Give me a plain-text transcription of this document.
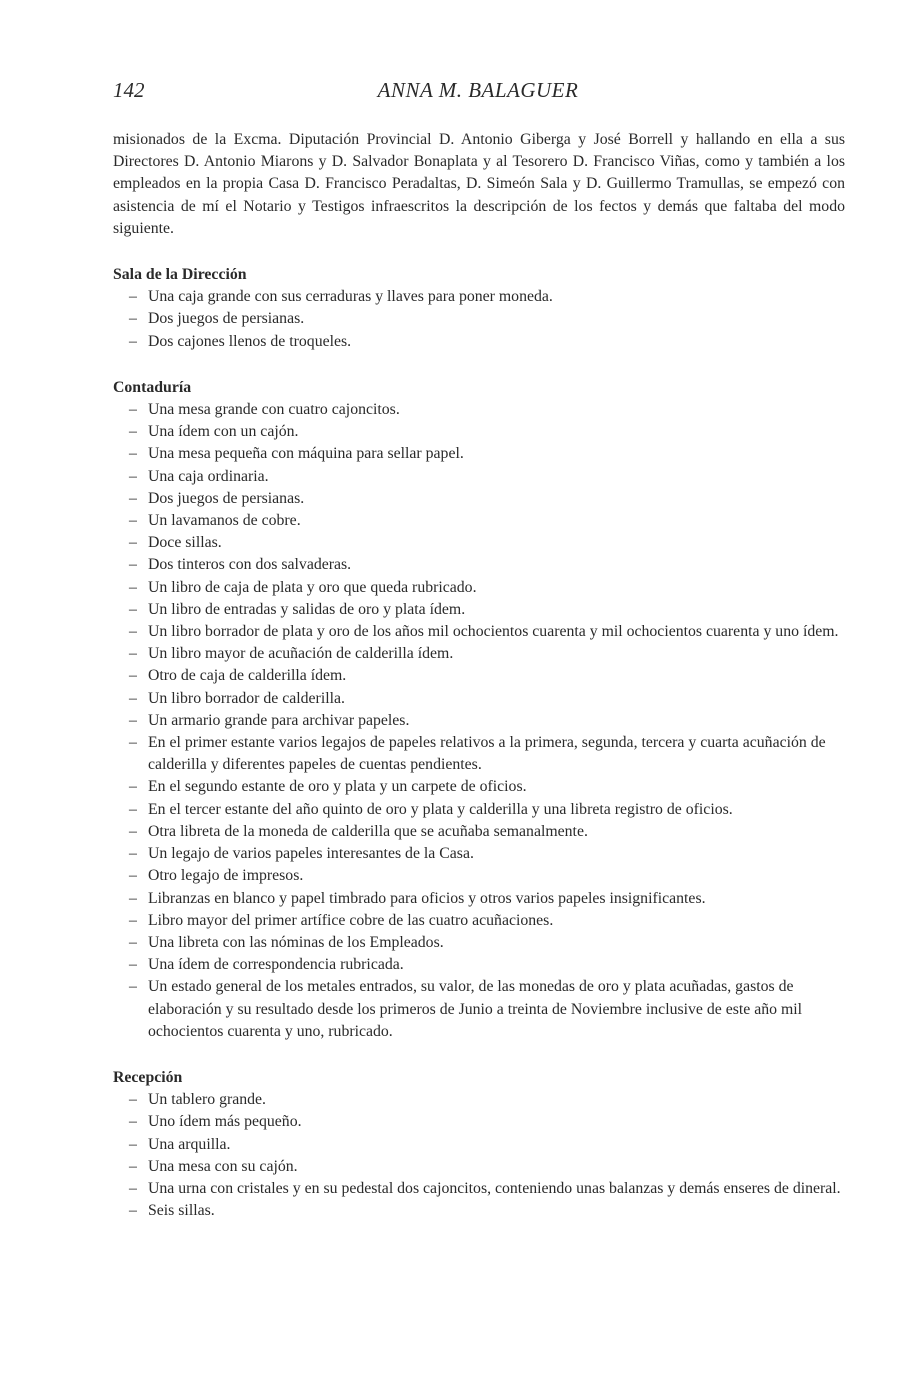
142	ANNA M. BALAGUER

misionados de la Excma. Diputación Provincial D. Antonio Giberga y José Borrell y hallando en ella a sus Directores D. Antonio Miarons y D. Salvador Bonaplata y al Tesorero D. Francisco Viñas, como y también a los empleados en la propia Casa D. Francisco Peradaltas, D. Simeón Sala y D. Guillermo Tramullas, se empezó con asistencia de mí el Notario y Testigos infraescritos la descripción de los fectos y demás que faltaba del modo siguiente.

Sala de la Dirección

– Una caja grande con sus cerraduras y llaves para poner moneda.
– Dos juegos de persianas.
– Dos cajones llenos de troqueles.

Contaduría

– Una mesa grande con cuatro cajoncitos.
– Una ídem con un cajón.
– Una mesa pequeña con máquina para sellar papel.
– Una caja ordinaria.
– Dos juegos de persianas.
– Un lavamanos de cobre.
– Doce sillas.
– Dos tinteros con dos salvaderas.
– Un libro de caja de plata y oro que queda rubricado.
– Un libro de entradas y salidas de oro y plata ídem.
– Un libro borrador de plata y oro de los años mil ochocientos cuarenta y mil ochocientos cuarenta y uno ídem.
– Un libro mayor de acuñación de calderilla ídem.
– Otro de caja de calderilla ídem.
– Un libro borrador de calderilla.
– Un armario grande para archivar papeles.
– En el primer estante varios legajos de papeles relativos a la primera, segunda, tercera y cuarta acuñación de calderilla y diferentes papeles de cuentas pendientes.
– En el segundo estante de oro y plata y un carpete de oficios.
– En el tercer estante del año quinto de oro y plata y calderilla y una libreta registro de oficios.
– Otra libreta de la moneda de calderilla que se acuñaba semanalmente.
– Un legajo de varios papeles interesantes de la Casa.
– Otro legajo de impresos.
– Libranzas en blanco y papel timbrado para oficios y otros varios papeles insignificantes.
– Libro mayor del primer artífice cobre de las cuatro acuñaciones.
– Una libreta con las nóminas de los Empleados.
– Una ídem de correspondencia rubricada.
– Un estado general de los metales entrados, su valor, de las monedas de oro y plata acuñadas, gastos de elaboración y su resultado desde los primeros de Junio a treinta de Noviembre inclusive de este año mil ochocientos cuarenta y uno, rubricado.

Recepción

– Un tablero grande.
– Uno ídem más pequeño.
– Una arquilla.
– Una mesa con su cajón.
– Una urna con cristales y en su pedestal dos cajoncitos, conteniendo unas balanzas y demás enseres de dineral.
– Seis sillas.
